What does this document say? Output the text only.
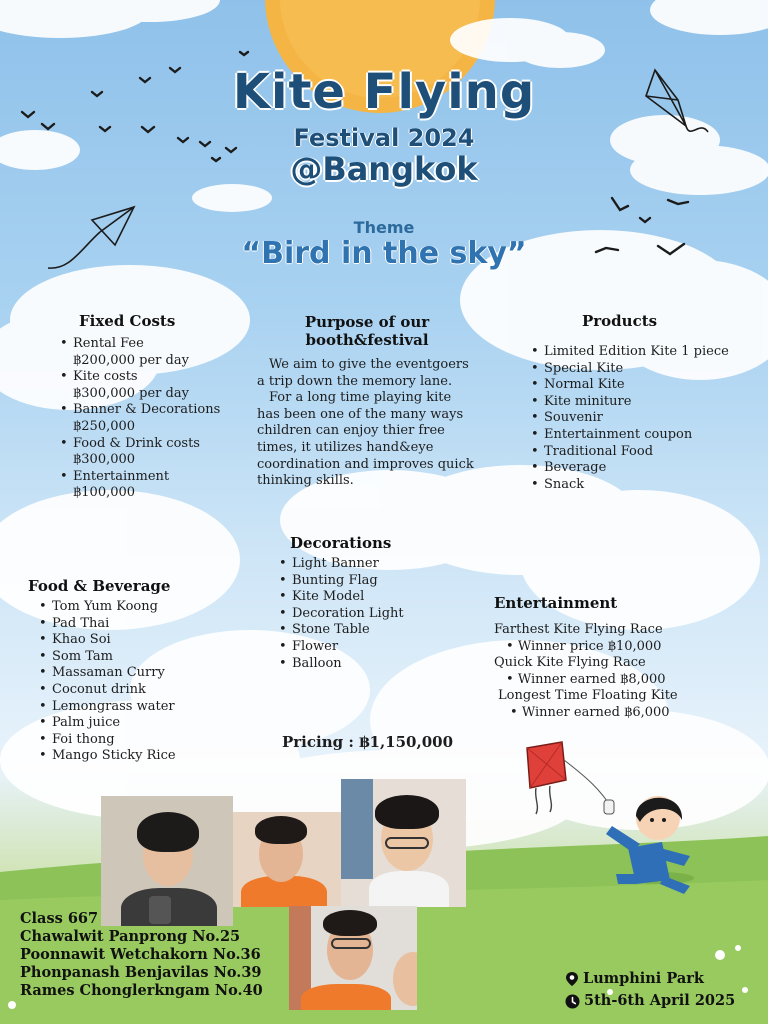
Kite Flying
Festival 2024
@Bangkok
Theme
“Bird in the sky”
Fixed Costs
• Rental Fee
฿200,000 per day
• Kite costs
฿300,000 per day
• Banner & Decorations
฿250,000
• Food & Drink costs
฿300,000
• Entertainment
฿100,000
Purpose of our
booth&festival

We aim to give the eventgoers a trip down the memory lane.

For a long time playing kite has been one of the many ways children can enjoy thier free times, it utilizes hand&eye coordination and improves quick thinking skills.

Products
• Limited Edition Kite 1 piece
• Special Kite
• Normal Kite
• Kite miniture
• Souvenir
• Entertainment coupon
• Traditional Food
• Beverage
• Snack
Decorations
• Light Banner
• Bunting Flag
• Kite Model
• Decoration Light
• Stone Table
• Flower
• Balloon
Food & Beverage
• Tom Yum Koong
• Pad Thai
• Khao Soi
• Som Tam
• Massaman Curry
• Coconut drink
• Lemongrass water
• Palm juice
• Foi thong
• Mango Sticky Rice
Entertainment
Farthest Kite Flying Race
• Winner price ฿10,000
Quick Kite Flying Race
• Winner earned ฿8,000
Longest Time Floating Kite
• Winner earned ฿6,000
Pricing : ฿1,150,000
Class 667
Chawalwit Panprong No.25
Poonnawit Wetchakorn No.36
Phonpanash Benjavilas No.39
Rames Chonglerkngam No.40
Lumphini Park
5th-6th April 2025
